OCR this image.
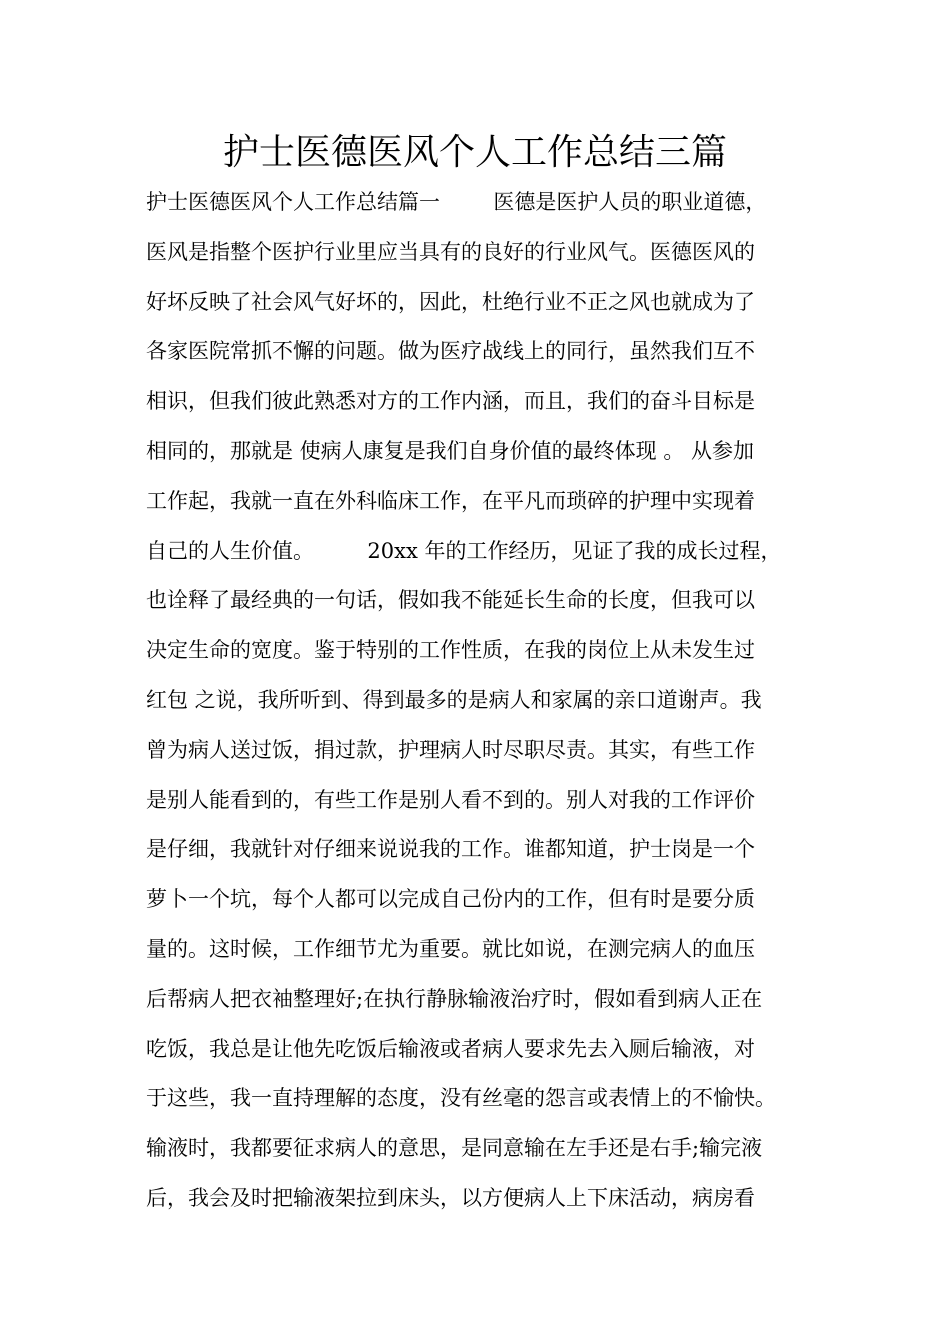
护士医德医风个人工作总结三篇

护士医德医风个人工作总结篇一        医德是医护人员的职业道德，

医风是指整个医护行业里应当具有的良好的行业风气。医德医风的

好坏反映了社会风气好坏的，因此，杜绝行业不正之风也就成为了

各家医院常抓不懈的问题。做为医疗战线上的同行，虽然我们互不

相识，但我们彼此熟悉对方的工作内涵，而且，我们的奋斗目标是

相同的，那就是 使病人康复是我们自身价值的最终体现 。 从参加

工作起，我就一直在外科临床工作，在平凡而琐碎的护理中实现着

自己的人生价值。        20xx 年的工作经历，见证了我的成长过程，

也诠释了最经典的一句话，假如我不能延长生命的长度，但我可以

决定生命的宽度。鉴于特别的工作性质，在我的岗位上从未发生过

红包 之说，我所听到、得到最多的是病人和家属的亲口道谢声。我

曾为病人送过饭，捐过款，护理病人时尽职尽责。其实，有些工作

是别人能看到的，有些工作是别人看不到的。别人对我的工作评价

是仔细，我就针对仔细来说说我的工作。谁都知道，护士岗是一个

萝卜一个坑，每个人都可以完成自己份内的工作，但有时是要分质

量的。这时候，工作细节尤为重要。就比如说，在测完病人的血压

后帮病人把衣袖整理好;在执行静脉输液治疗时，假如看到病人正在

吃饭，我总是让他先吃饭后输液或者病人要求先去入厕后输液，对

于这些，我一直持理解的态度，没有丝毫的怨言或表情上的不愉快。

输液时，我都要征求病人的意思，是同意输在左手还是右手;输完液

后，我会及时把输液架拉到床头，以方便病人上下床活动，病房看
